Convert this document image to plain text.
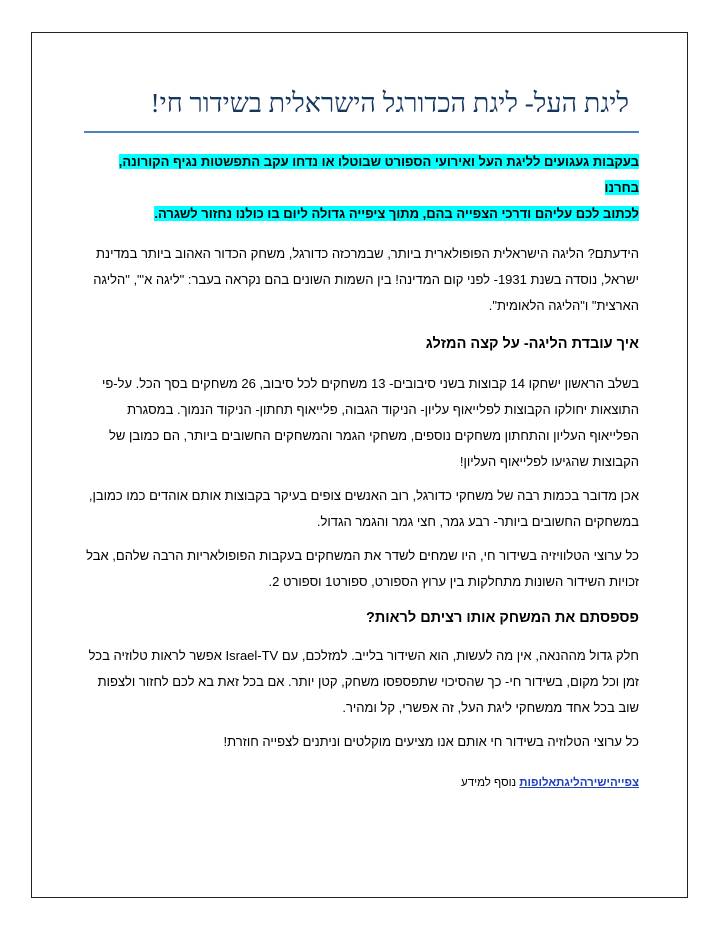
ליגת העל- ליגת הכדורגל הישראלית בשידור חי!

בעקבות געגועים לליגת העל ואירועי הספורט שבוטלו או נדחו עקב התפשטות נגיף הקורונה, בחרנו
לכתוב לכם עליהם ודרכי הצפייה בהם, מתוך ציפייה גדולה ליום בו כולנו נחזור לשגרה.

הידעתם? הליגה הישראלית הפופולארית ביותר, שבמרכזה כדורגל, משחק הכדור האהוב ביותר במדינת ישראל, נוסדה בשנת 1931- לפני קום המדינה! בין השמות השונים בהם נקראה בעבר: "ליגה א'", "הליגה הארצית" ו"הליגה הלאומית".

איך עובדת הליגה- על קצה המזלג

בשלב הראשון ישחקו 14 קבוצות בשני סיבובים- 13 משחקים לכל סיבוב, 26 משחקים בסך הכל. על-פי התוצאות יחולקו הקבוצות לפלייאוף עליון- הניקוד הגבוה, פלייאוף תחתון- הניקוד הנמוך. במסגרת הפלייאוף העליון והתחתון משחקים נוספים, משחקי הגמר והמשחקים החשובים ביותר, הם כמובן של הקבוצות שהגיעו לפלייאוף העליון!

אכן מדובר בכמות רבה של משחקי כדורגל, רוב האנשים צופים בעיקר בקבוצות אותם אוהדים כמו כמובן, במשחקים החשובים ביותר- רבע גמר, חצי גמר והגמר הגדול.

כל ערוצי הטלוויזיה בשידור חי, היו שמחים לשדר את המשחקים בעקבות הפופולאריות הרבה שלהם, אבל זכויות השידור השונות מתחלקות בין ערוץ הספורט, ספורט1 וספורט 2.

פספסתם את המשחק אותו רציתם לראות?

חלק גדול מההנאה, אין מה לעשות, הוא השידור בלייב. למזלכם, עם Israel-TV אפשר לראות טלוזיה בכל זמן וכל מקום, בשידור חי- כך שהסיכוי שתפספסו משחק, קטן יותר. אם בכל זאת בא לכם לחזור ולצפות שוב בכל אחד ממשחקי ליגת העל, זה אפשרי, קל ומהיר.

כל ערוצי הטלוזיה בשידור חי אותם אנו מציעים מוקלטים וניתנים לצפייה חוזרת!

צפייהישירהליגתאלופות נוסף למידע
